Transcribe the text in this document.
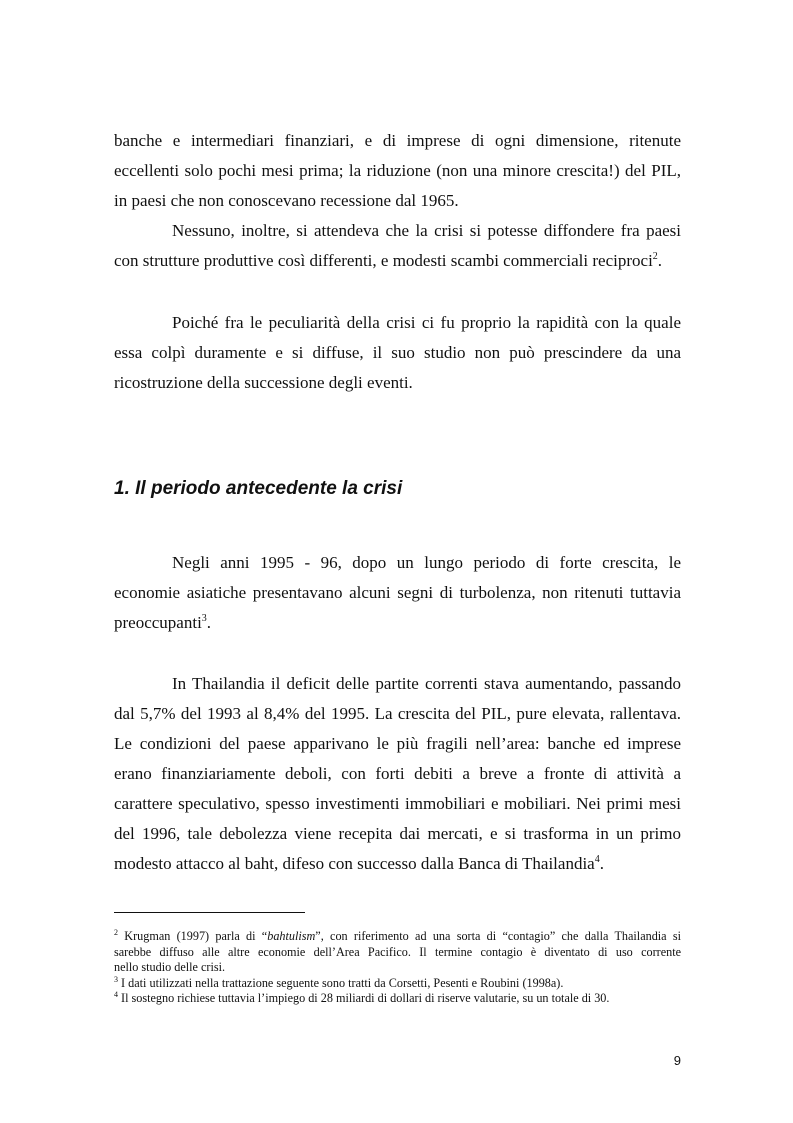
banche e intermediari finanziari, e di imprese di ogni dimensione, ritenute
eccellenti solo pochi mesi prima; la riduzione (non una minore crescita!) del PIL,
in paesi che non conoscevano recessione dal 1965.

Nessuno, inoltre, si attendeva che la crisi si potesse diffondere fra paesi
con strutture produttive così differenti, e modesti scambi commerciali reciproci$^2$.

Poiché fra le peculiarità della crisi ci fu proprio la rapidità con la quale
essa colpì duramente e si diffuse, il suo studio non può prescindere da una
ricostruzione della successione degli eventi.

1. Il periodo antecedente la crisi

Negli anni 1995 - 96, dopo un lungo periodo di forte crescita, le
economie asiatiche presentavano alcuni segni di turbolenza, non ritenuti tuttavia
preoccupanti$^3$.

In Thailandia il deficit delle partite correnti stava aumentando, passando
dal 5,7% del 1993 al 8,4% del 1995. La crescita del PIL, pure elevata, rallentava.
Le condizioni del paese apparivano le più fragili nell’area: banche ed imprese
erano finanziariamente deboli, con forti debiti a breve a fronte di attività a
carattere speculativo, spesso investimenti immobiliari e mobiliari. Nei primi mesi
del 1996, tale debolezza viene recepita dai mercati, e si trasforma in un primo
modesto attacco al baht, difeso con successo dalla Banca di Thailandia$^4$.

$^2$ Krugman (1997) parla di “bahtulism”, con riferimento ad una sorta di “contagio” che dalla Thailandia si
sarebbe diffuso alle altre economie dell’Area Pacifico. Il termine contagio è diventato di uso corrente
nello studio delle crisi.
$^3$ I dati utilizzati nella trattazione seguente sono tratti da Corsetti, Pesenti e Roubini (1998a).
$^4$ Il sostegno richiese tuttavia l’impiego di 28 miliardi di dollari di riserve valutarie, su un totale di 30.
9
